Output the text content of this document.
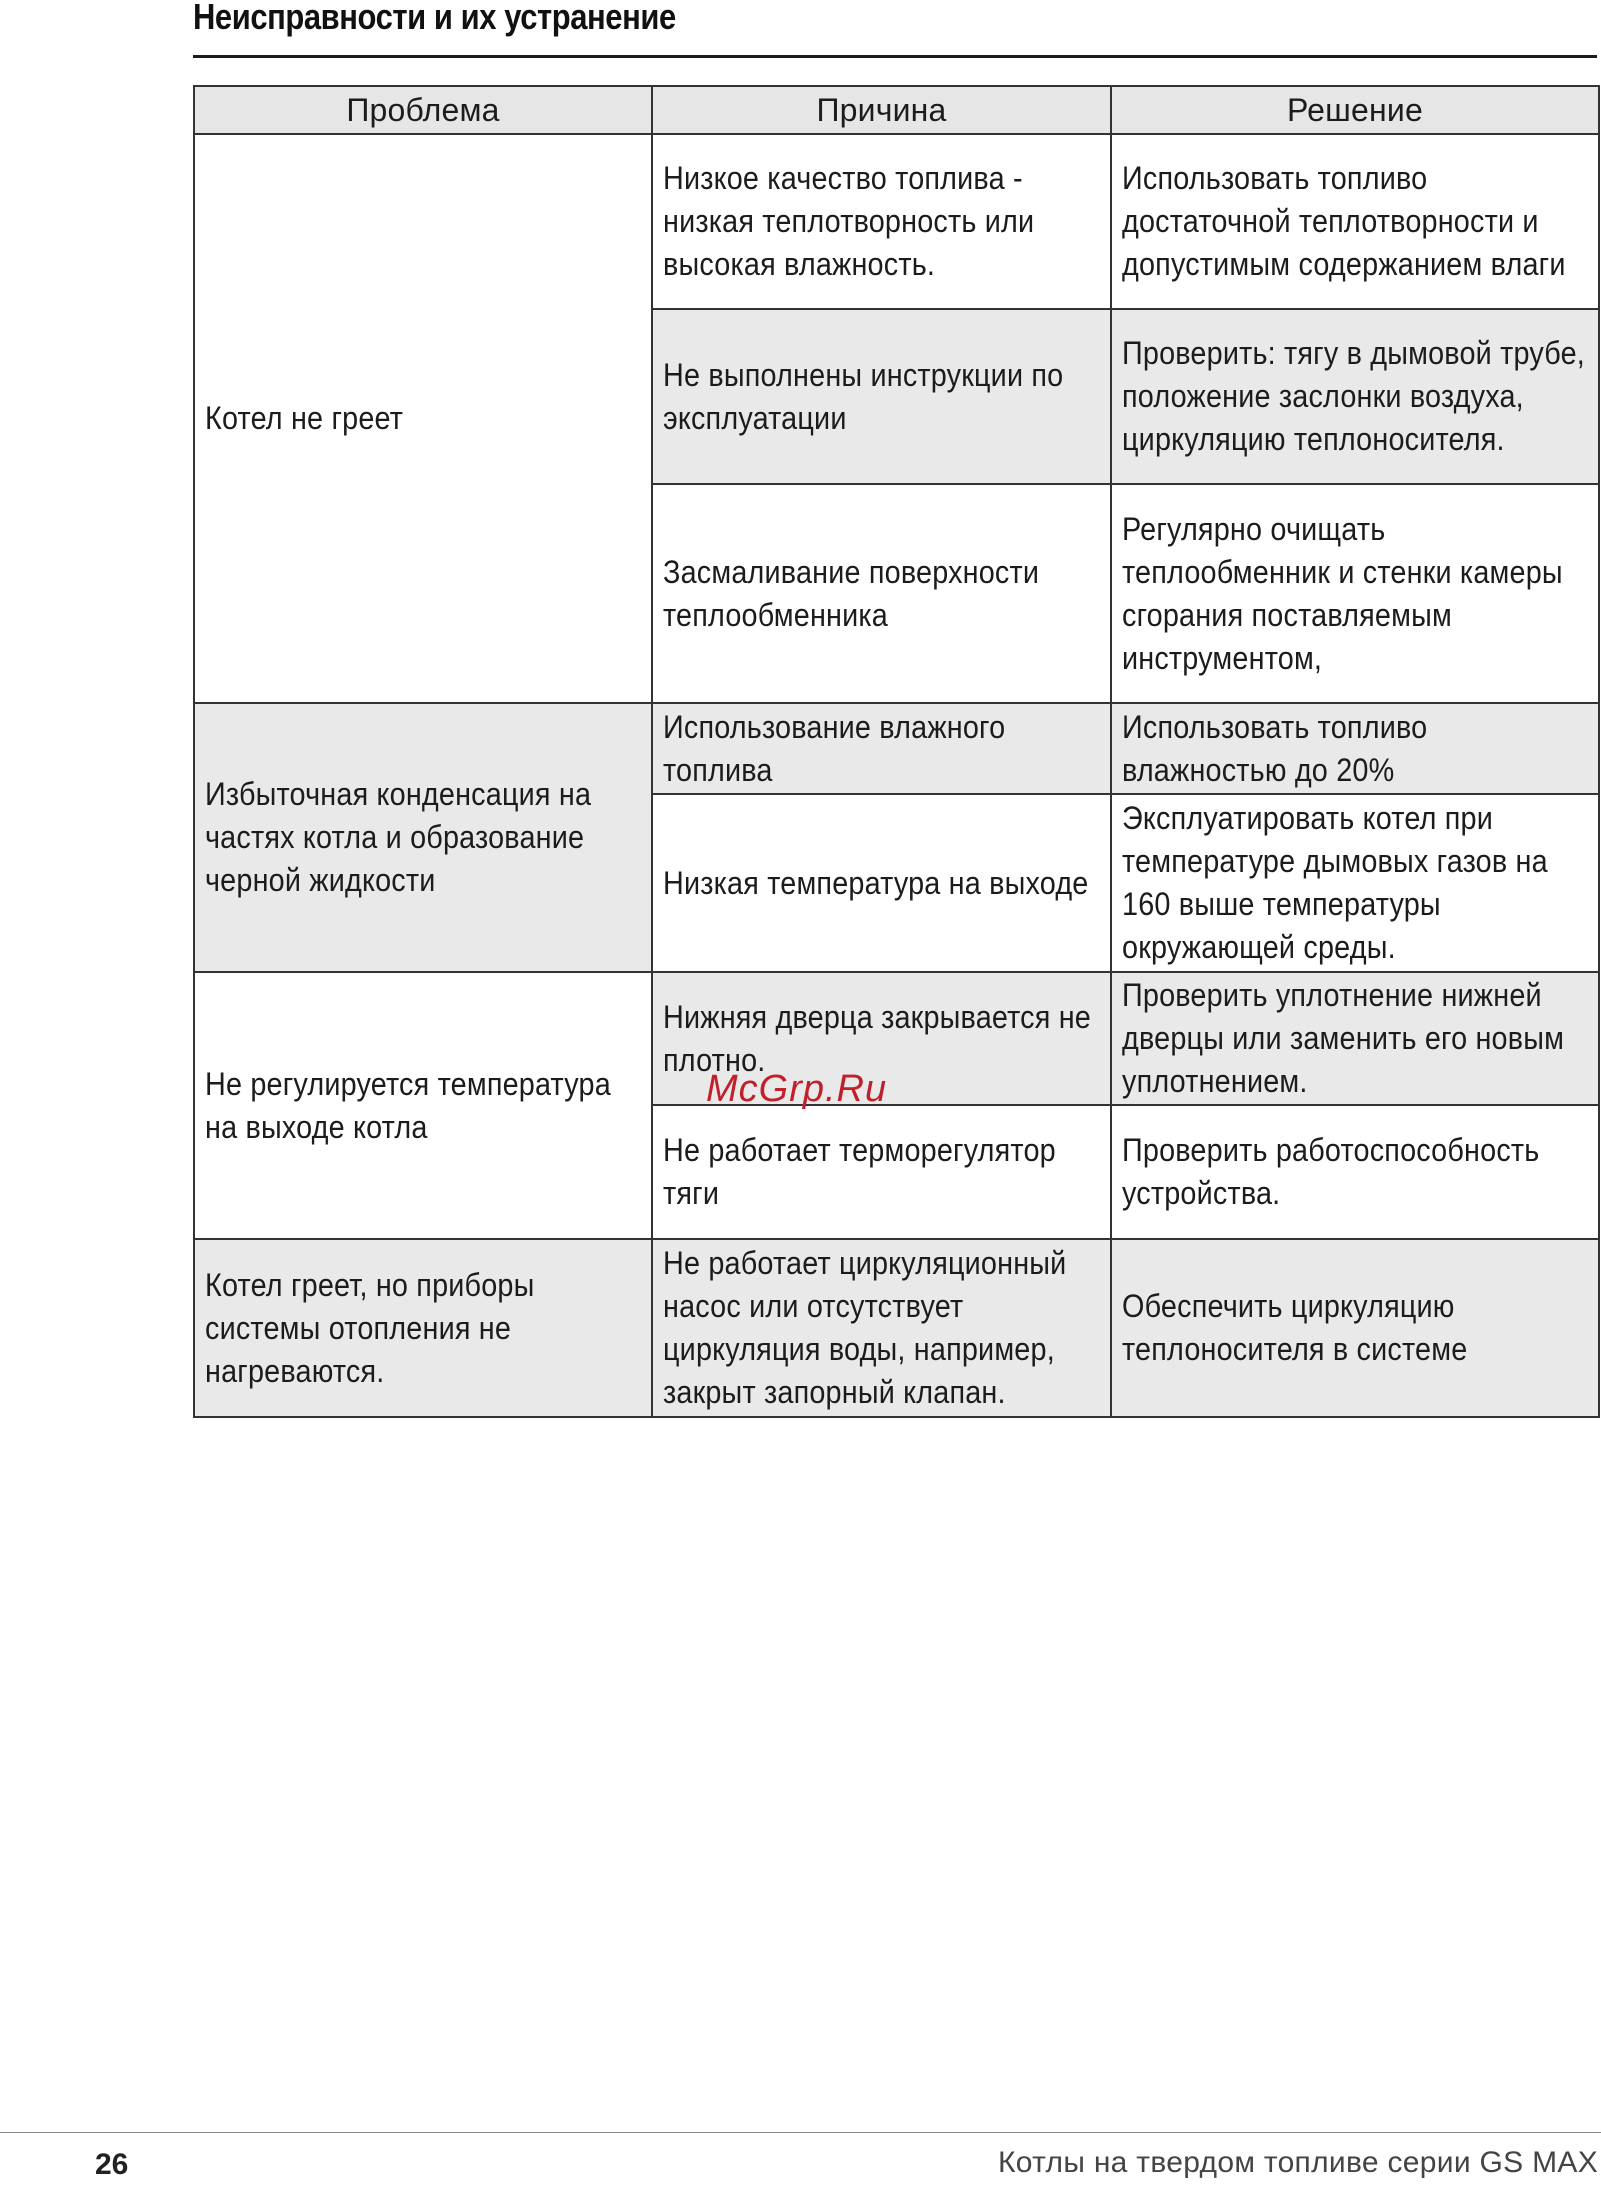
Неисправности и их устранение
Проблема	Причина	Решение
Котел не греет	Низкое качество топлива - низкая теплотворность или высокая влажность.	Использовать топливо достаточной теплотворности и допустимым содержанием влаги
	Не выполнены инструкции по эксплуатации	Проверить: тягу в дымовой трубе, положение заслонки воздуха, циркуляцию теплоносителя.
	Засмаливание поверхности теплообменника	Регулярно очищать теплообменник и стенки камеры сгорания поставляемым инструментом,
Избыточная конденсация на частях котла и образование черной жидкости	Использование влажного топлива	Использовать топливо влажностью до 20%
	Низкая температура на выходе	Эксплуатировать котел при температуре дымовых газов на 160 выше температуры окружающей среды.
Не регулируется температура на выходе котла	Нижняя дверца закрывается не плотно.	Проверить уплотнение нижней дверцы или заменить его новым уплотнением.
	Не работает терморегулятор тяги	Проверить работоспособность устройства.
Котел греет, но приборы системы отопления не нагреваются.	Не работает циркуляционный насос или отсутствует циркуляция воды, например, закрыт запорный клапан.	Обеспечить циркуляцию теплоносителя в системе
McGrp.Ru
26	Котлы на твердом топливе серии GS MAX
